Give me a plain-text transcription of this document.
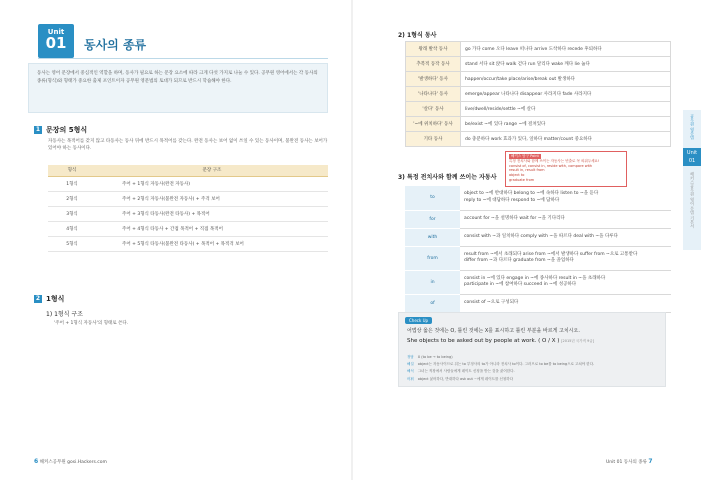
Unit
01	동사의 종류
동사는 영어 문장에서 중심적인 역할을 하며, 동사가 필요로 하는 문장 요소에 따라 크게 다섯 가지로 나눌 수 있다. 공무원 영어에서는 각 동사의 종류(형식)와 형태가 중요한 출제 포인트이자 공무원 영문법의 토대가 되므로 반드시 학습해야 한다.
1 문장의 5형식
자동사는 목적어를 갖지 않고 타동사는 동사 뒤에 반드시 목적어를 갖는다. 완전 동사는 보어 없이 쓰일 수 있는 동사이며, 불완전 동사는 보어가 있어야 하는 동사이다.
형식	문장 구조
1형식	주어 + 1형식 자동사(완전 자동사)
2형식	주어 + 2형식 자동사(불완전 자동사) + 주격 보어
3형식	주어 + 3형식 타동사(완전 타동사) + 목적어
4형식	주어 + 4형식 타동사 + 간접 목적어 + 직접 목적어
5형식	주어 + 5형식 타동사(불완전 타동사) + 목적어 + 목적격 보어
2 1형식
1) 1형식 구조
'주어 + 1형식 자동사'의 형태로 쓴다.
6 해커스공무원 gosi.Hackers.com
2) 1형식 동사
왕래 발착 동사	go 가다 come 오다 leave 떠나다 arrive 도착하다 recede 후퇴하다
추복적 동작 동사	stand 서다 sit 앉다 walk 걷다 run 달리다 wake 깨다 lie 눕다
'발생하다' 동사	happen/occur/take place/arise/break out 발생하다
'나타나다' 동사	emerge/appear 나타나다 disappear 사라지다 fade 사라지다
'살다' 동사	live/dwell/reside/settle ~에 살다
'~에 위치하다' 동사	be/exist ~에 있다 range ~에 걸쳐있다
기타 동사	do 충분하다 work 효과가 있다, 일하다 matter/count 중요하다
3) 특정 전치사와 함께 쓰이는 자동사
해커스 탐구 Point
특정 전치사와 함께 쓰이는 자동사는 빈출로 꼭 외워두세요!
consist of, consist in, reside with, compare with
result in, result from
object to
graduate from
to	object to ~에 반대하다 belong to ~에 속하다 listen to ~을 듣다
reply to ~에 대답하다 respond to ~에 답하다
for	account for ~을 설명하다 wait for ~을 기다리다
with	consist with ~과 일치하다 comply with ~을 따르다 deal with ~을 다루다
from	result from ~에서 초래되다 arise from ~에서 발생하다 suffer from ~으로 고통받다
differ from ~과 다르다 graduate from ~을 졸업하다
in	consist in ~에 있다 engage in ~에 종사하다 result in ~을 초래하다
participate in ~에 참여하다 succeed in ~에 성공하다
of	consist of ~으로 구성되다
Check Up
어법상 옳은 것에는 O, 틀린 것에는 X를 표시하고 틀린 부분을 바르게 고치시오.
She objects to be asked out by people at work. ( O / X ) [2015년 국가직 9급]
정답 X (to be → to being)
해설 object는 자동사이므로 뒤는 to 부정사의 to가 아니라 전치사 to이다. 그러므로 to be를 to being으로 고쳐야 한다.
해석 그녀는 직장에서 사람들에게 데이트 신청을 받는 것을 싫어한다.
어휘 object 싫어하다, 반대하다 ask out ~에게 데이트를 신청하다
공무원 영문법
Unit 01
해커스공무원 영어 문법 기본서
Unit 01 동사의 종류 7
